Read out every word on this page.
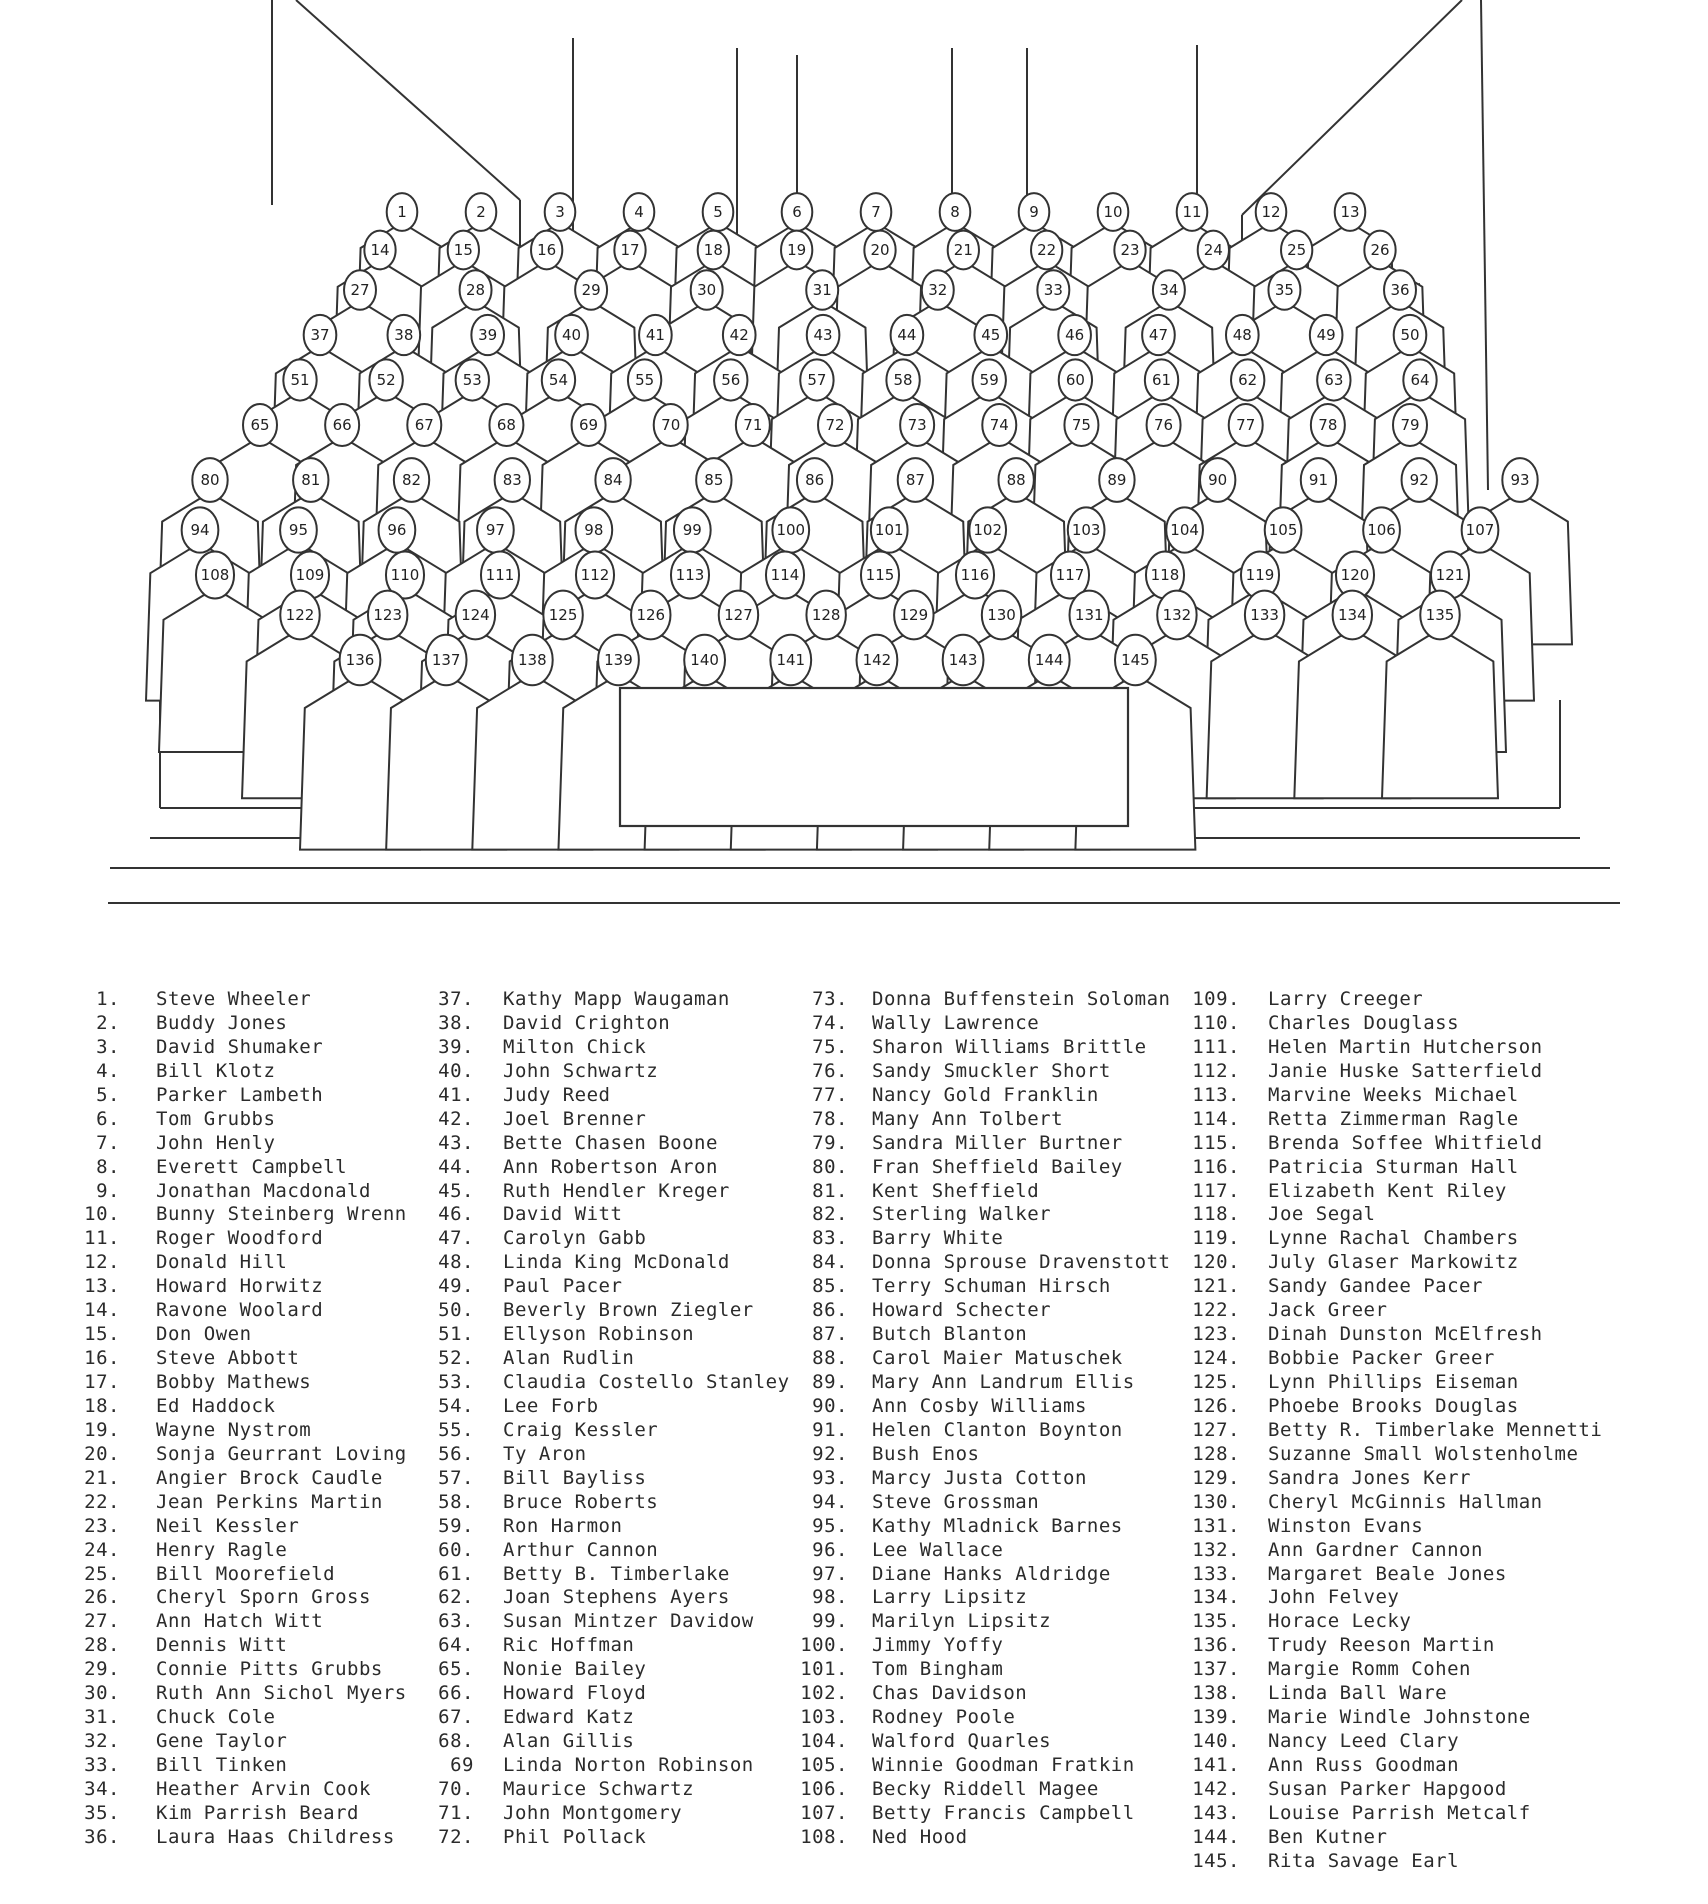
1	2	3	4	5	6	7	8	9	10	11	12	13
14	15	16	17	18	19	20	21	22	23	24	25	26
27	28	29	30	31	32	33	34	35	36
37	38	39	40	41	42	43	44	45	46	47	48	49	50
51	52	53	54	55	56	57	58	59	60	61	62	63	64
65	66	67	68	69	70	71	72	73	74	75	76	77	78	79
80	81	82	83	84	85	86	87	88	89	90	91	92	93
94	95	96	97	98	99	100	101	102	103	104	105	106	107
108	109	110	111	112	113	114	115	116	117	118	119	120	121
122	123	124	125	126	127	128	129	130	131	132	133	134	135
136	137	138	139	140	141	142	143	144	145
1. Steve Wheeler
2. Buddy Jones
3. David Shumaker
4. Bill Klotz
5. Parker Lambeth
6. Tom Grubbs
7. John Henly
8. Everett Campbell
9. Jonathan Macdonald
10. Bunny Steinberg Wrenn
11. Roger Woodford
12. Donald Hill
13. Howard Horwitz
14. Ravone Woolard
15. Don Owen
16. Steve Abbott
17. Bobby Mathews
18. Ed Haddock
19. Wayne Nystrom
20. Sonja Geurrant Loving
21. Angier Brock Caudle
22. Jean Perkins Martin
23. Neil Kessler
24. Henry Ragle
25. Bill Moorefield
26. Cheryl Sporn Gross
27. Ann Hatch Witt
28. Dennis Witt
29. Connie Pitts Grubbs
30. Ruth Ann Sichol Myers
31. Chuck Cole
32. Gene Taylor
33. Bill Tinken
34. Heather Arvin Cook
35. Kim Parrish Beard
36. Laura Haas Childress
37. Kathy Mapp Waugaman
38. David Crighton
39. Milton Chick
40. John Schwartz
41. Judy Reed
42. Joel Brenner
43. Bette Chasen Boone
44. Ann Robertson Aron
45. Ruth Hendler Kreger
46. David Witt
47. Carolyn Gabb
48. Linda King McDonald
49. Paul Pacer
50. Beverly Brown Ziegler
51. Ellyson Robinson
52. Alan Rudlin
53. Claudia Costello Stanley
54. Lee Forb
55. Craig Kessler
56. Ty Aron
57. Bill Bayliss
58. Bruce Roberts
59. Ron Harmon
60. Arthur Cannon
61. Betty B. Timberlake
62. Joan Stephens Ayers
63. Susan Mintzer Davidow
64. Ric Hoffman
65. Nonie Bailey
66. Howard Floyd
67. Edward Katz
68. Alan Gillis
69 Linda Norton Robinson
70. Maurice Schwartz
71. John Montgomery
72. Phil Pollack
73. Donna Buffenstein Soloman
74. Wally Lawrence
75. Sharon Williams Brittle
76. Sandy Smuckler Short
77. Nancy Gold Franklin
78. Many Ann Tolbert
79. Sandra Miller Burtner
80. Fran Sheffield Bailey
81. Kent Sheffield
82. Sterling Walker
83. Barry White
84. Donna Sprouse Dravenstott
85. Terry Schuman Hirsch
86. Howard Schecter
87. Butch Blanton
88. Carol Maier Matuschek
89. Mary Ann Landrum Ellis
90. Ann Cosby Williams
91. Helen Clanton Boynton
92. Bush Enos
93. Marcy Justa Cotton
94. Steve Grossman
95. Kathy Mladnick Barnes
96. Lee Wallace
97. Diane Hanks Aldridge
98. Larry Lipsitz
99. Marilyn Lipsitz
100. Jimmy Yoffy
101. Tom Bingham
102. Chas Davidson
103. Rodney Poole
104. Walford Quarles
105. Winnie Goodman Fratkin
106. Becky Riddell Magee
107. Betty Francis Campbell
108. Ned Hood
109. Larry Creeger
110. Charles Douglass
111. Helen Martin Hutcherson
112. Janie Huske Satterfield
113. Marvine Weeks Michael
114. Retta Zimmerman Ragle
115. Brenda Soffee Whitfield
116. Patricia Sturman Hall
117. Elizabeth Kent Riley
118. Joe Segal
119. Lynne Rachal Chambers
120. July Glaser Markowitz
121. Sandy Gandee Pacer
122. Jack Greer
123. Dinah Dunston McElfresh
124. Bobbie Packer Greer
125. Lynn Phillips Eiseman
126. Phoebe Brooks Douglas
127. Betty R. Timberlake Mennetti
128. Suzanne Small Wolstenholme
129. Sandra Jones Kerr
130. Cheryl McGinnis Hallman
131. Winston Evans
132. Ann Gardner Cannon
133. Margaret Beale Jones
134. John Felvey
135. Horace Lecky
136. Trudy Reeson Martin
137. Margie Romm Cohen
138. Linda Ball Ware
139. Marie Windle Johnstone
140. Nancy Leed Clary
141. Ann Russ Goodman
142. Susan Parker Hapgood
143. Louise Parrish Metcalf
144. Ben Kutner
145. Rita Savage Earl
